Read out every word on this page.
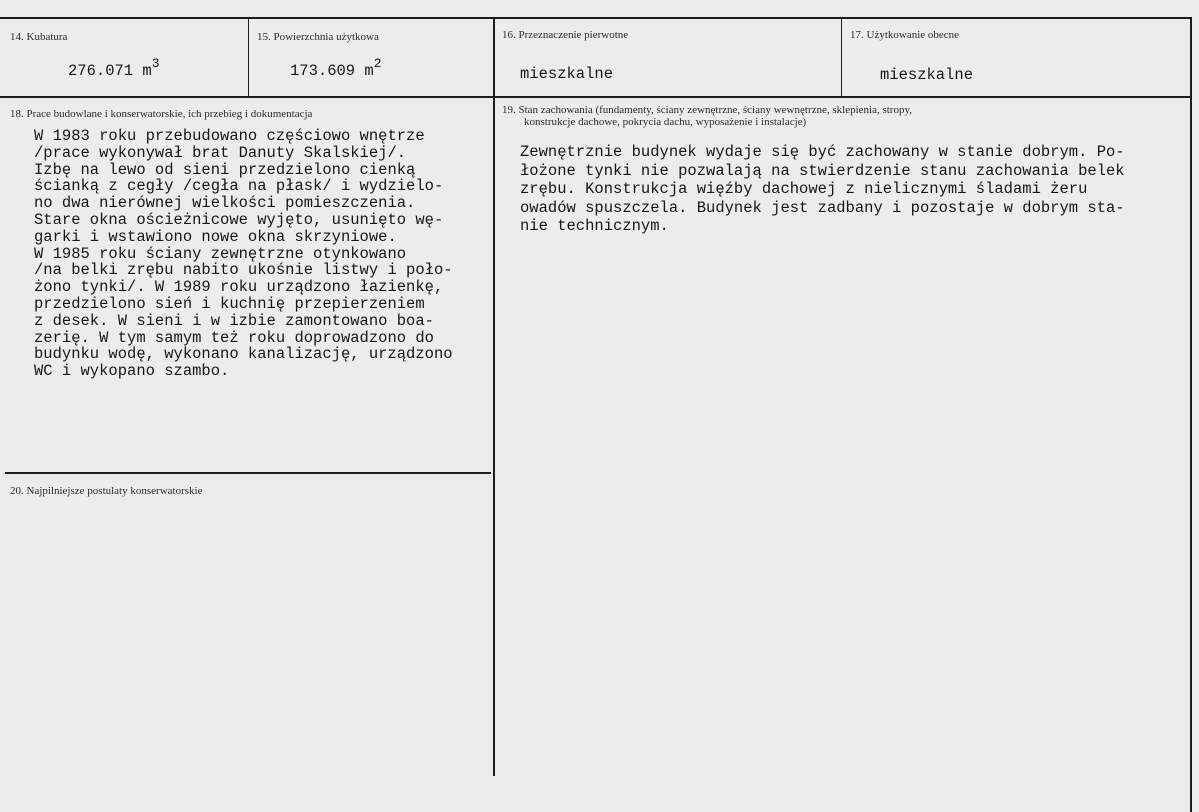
14. Kubatura
276.071 $m^3$
15. Powierzchnia użytkowa
173.609 $m^2$
16. Przeznaczenie pierwotne
mieszkalne
17. Użytkowanie obecne
mieszkalne
18. Prace budowlane i konserwatorskie, ich przebieg i dokumentacja
W 1983 roku przebudowano częściowo wnętrze
/prace wykonywał brat Danuty Skalskiej/.
Izbę na lewo od sieni przedzielono cienką
ścianką z cegły /cegła na płask/ i wydzielo-
no dwa nierównej wielkości pomieszczenia.
Stare okna ościeżnicowe wyjęto, usunięto wę-
garki i wstawiono nowe okna skrzyniowe.
W 1985 roku ściany zewnętrzne otynkowano
/na belki zrębu nabito ukośnie listwy i poło-
żono tynki/. W 1989 roku urządzono łazienkę,
przedzielono sień i kuchnię przepierzeniem
z desek. W sieni i w izbie zamontowano boa-
zerię. W tym samym też roku doprowadzono do
budynku wodę, wykonano kanalizację, urządzono
WC i wykopano szambo.
19. Stan zachowania (fundamenty, ściany zewnętrzne, ściany wewnętrzne, sklepienia, stropy,
konstrukcje dachowe, pokrycia dachu, wyposażenie i instalacje)
Zewnętrznie budynek wydaje się być zachowany w stanie dobrym. Po-
łożone tynki nie pozwalają na stwierdzenie stanu zachowania belek
zrębu. Konstrukcja więźby dachowej z nielicznymi śladami żeru
owadów spuszczela. Budynek jest zadbany i pozostaje w dobrym sta-
nie technicznym.
20. Najpilniejsze postulaty konserwatorskie
